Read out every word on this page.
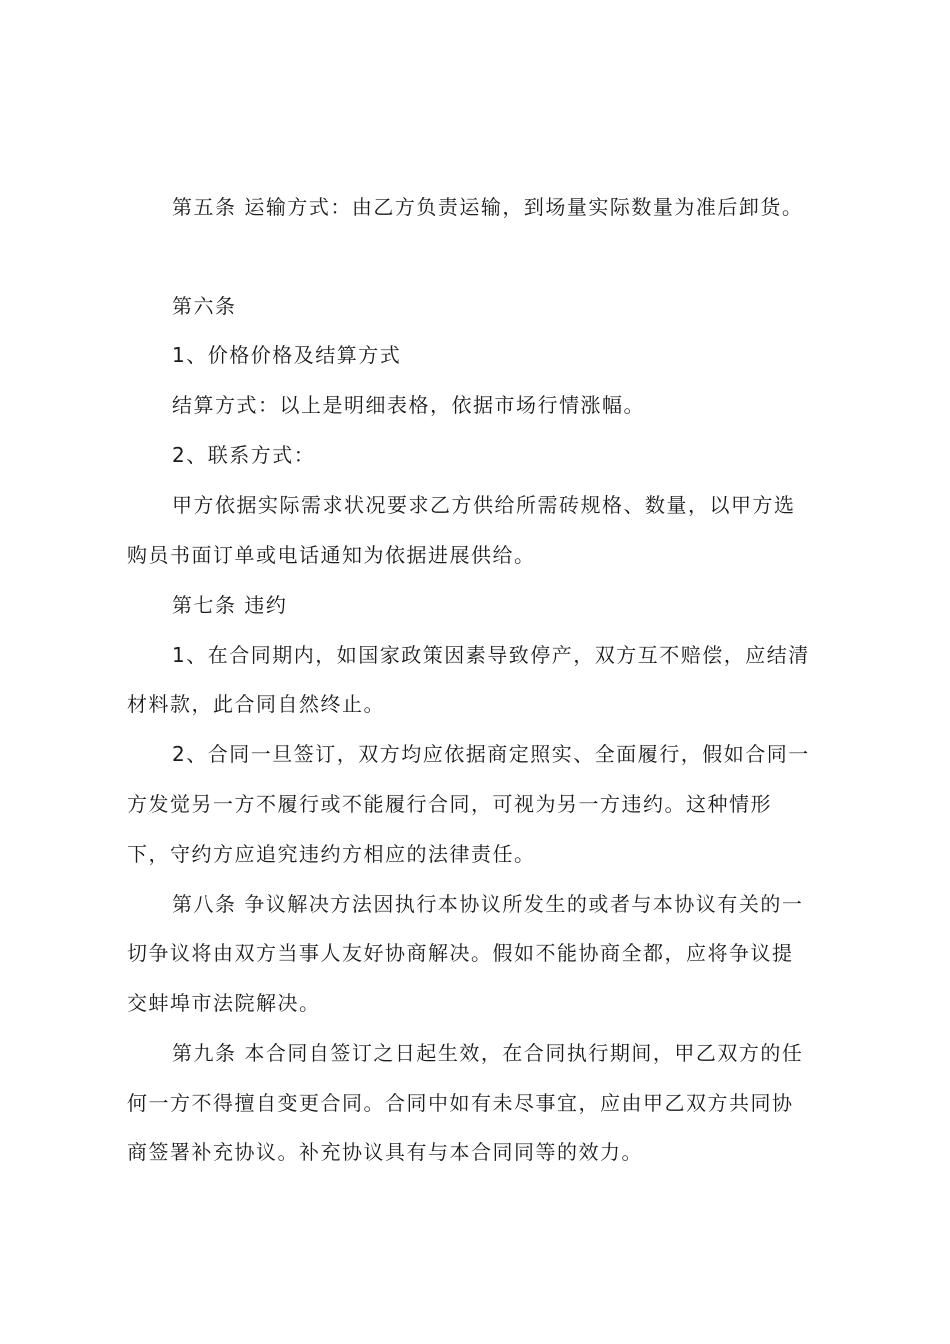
第五条 运输方式：由乙方负责运输，到场量实际数量为准后卸货。
第六条
1、价格价格及结算方式
结算方式：以上是明细表格，依据市场行情涨幅。
2、联系方式：
甲方依据实际需求状况要求乙方供给所需砖规格、数量，以甲方选
购员书面订单或电话通知为依据进展供给。
第七条 违约
1、在合同期内，如国家政策因素导致停产，双方互不赔偿，应结清
材料款，此合同自然终止。
2、合同一旦签订，双方均应依据商定照实、全面履行，假如合同一
方发觉另一方不履行或不能履行合同，可视为另一方违约。这种情形
下，守约方应追究违约方相应的法律责任。
第八条 争议解决方法因执行本协议所发生的或者与本协议有关的一
切争议将由双方当事人友好协商解决。假如不能协商全都，应将争议提
交蚌埠市法院解决。
第九条 本合同自签订之日起生效，在合同执行期间，甲乙双方的任
何一方不得擅自变更合同。合同中如有未尽事宜，应由甲乙双方共同协
商签署补充协议。补充协议具有与本合同同等的效力。
